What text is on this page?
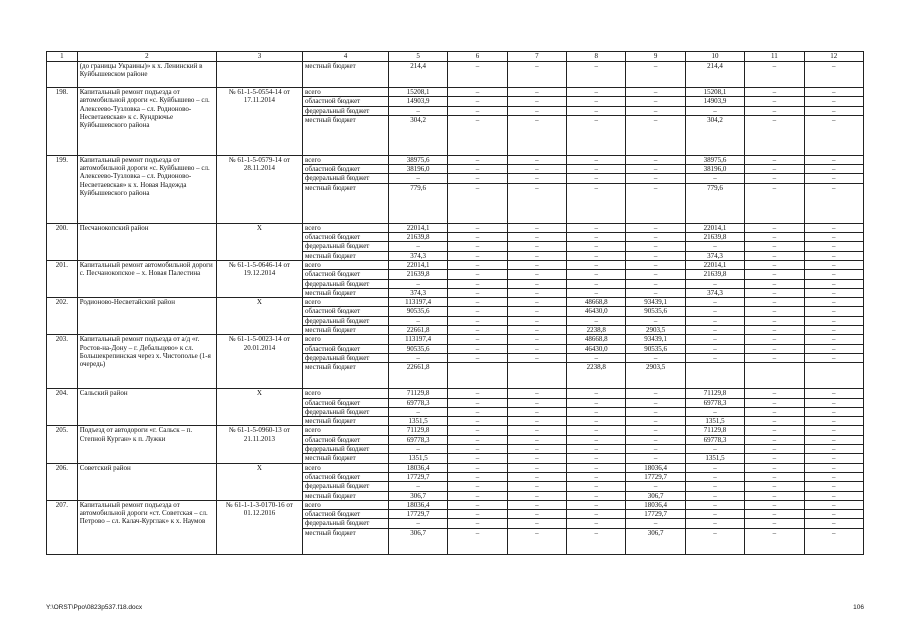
1	2	3	4	5	6	7	8	9	10	11	12
	(до границы Украины)» к х. Ленинский в Куйбышевском районе		местный бюджет	214,4	–	–	–	–	214,4	–	–
198.	Капитальный ремонт подъезда от автомобильной дороги «с. Куйбышево – сл. Алексеево-Тузловка – сл. Родионово-Несветаевская» к с. Кундрючье Куйбышевского района	№ 61-1-5-0554-14 от 17.11.2014	всего	15208,1	–	–	–	–	15208,1	–	–
			областной бюджет	14903,9	–	–	–	–	14903,9	–	–
			федеральный бюджет	–	–	–	–	–	–	–	–
			местный бюджет	304,2	–	–	–	–	304,2	–	–
199.	Капитальный ремонт подъезда от автомобильной дороги «с. Куйбышево – сл. Алексеево-Тузловка – сл. Родионово-Несветаевская» к х. Новая Надежда Куйбышевского района	№ 61-1-5-0579-14 от 28.11.2014	всего	38975,6	–	–	–	–	38975,6	–	–
			областной бюджет	38196,0	–	–	–	–	38196,0	–	–
			федеральный бюджет	–	–	–	–	–	–	–	–
			местный бюджет	779,6	–	–	–	–	779,6	–	–
200.	Песчанокопский район	X	всего	22014,1	–	–	–	–	22014,1	–	–
			областной бюджет	21639,8	–	–	–	–	21639,8	–	–
			федеральный бюджет	–	–	–	–	–	–	–	–
			местный бюджет	374,3	–	–	–	–	374,3	–	–
201.	Капитальный ремонт автомобильной дороги с. Песчанокопское – х. Новая Палестина	№ 61-1-5-0646-14 от 19.12.2014	всего	22014,1	–	–	–	–	22014,1	–	–
			областной бюджет	21639,8	–	–	–	–	21639,8	–	–
			федеральный бюджет	–	–	–	–	–	–	–	–
			местный бюджет	374,3	–	–	–	–	374,3	–	–
202.	Родионово-Несветайский район	X	всего	113197,4	–	–	48668,8	93439,1	–	–	–
			областной бюджет	90535,6	–	–	46430,0	90535,6	–	–	–
			федеральный бюджет	–	–	–	–	–	–	–	–
			местный бюджет	22661,8	–	–	2238,8	2903,5	–	–	–
203.	Капитальный ремонт подъезда от а/д «г. Ростов-на-Дону – г. Дебальцево» к сл. Большекрепинская через х. Чистополье (1-я очередь)	№ 61-1-5-0023-14 от 20.01.2014	всего	113197,4	–	–	48668,8	93439,1	–	–	–
			областной бюджет	90535,6	–	–	46430,0	90535,6	–	–	–
			федеральный бюджет	–	–	–	–	–	–	–	–
			местный бюджет	22661,8			2238,8	2903,5			
204.	Сальский район	X	всего	71129,8	–	–	–	–	71129,8	–	–
			областной бюджет	69778,3	–	–	–	–	69778,3	–	–
			федеральный бюджет	–	–	–	–	–	–	–	–
			местный бюджет	1351,5	–	–	–	–	1351,5	–	–
205.	Подъезд от автодороги «г. Сальск – п. Степной Курган» к п. Лужки	№ 61-1-5-0960-13 от 21.11.2013	всего	71129,8	–	–	–	–	71129,8	–	–
			областной бюджет	69778,3	–	–	–	–	69778,3	–	–
			федеральный бюджет	–	–	–	–	–	–	–	–
			местный бюджет	1351,5	–	–	–	–	1351,5	–	–
206.	Советский район	X	всего	18036,4	–	–	–	18036,4	–	–	–
			областной бюджет	17729,7	–	–	–	17729,7	–	–	–
			федеральный бюджет	–	–	–	–	–	–	–	–
			местный бюджет	306,7	–	–	–	306,7	–	–	–
207.	Капитальный ремонт подъезда от автомобильной дороги «ст. Советская – сл. Петрово – сл. Калач-Курглак» к х. Наумов	№ 61-1-1-3-0170-16 от 01.12.2016	всего	18036,4	–	–	–	18036,4	–	–	–
			областной бюджет	17729,7	–	–	–	17729,7	–	–	–
			федеральный бюджет	–	–	–	–	–	–	–	–
			местный бюджет	306,7	–	–	–	306,7	–	–	–
Y:\ORST\Ppo\0823p537.f18.docx	106
